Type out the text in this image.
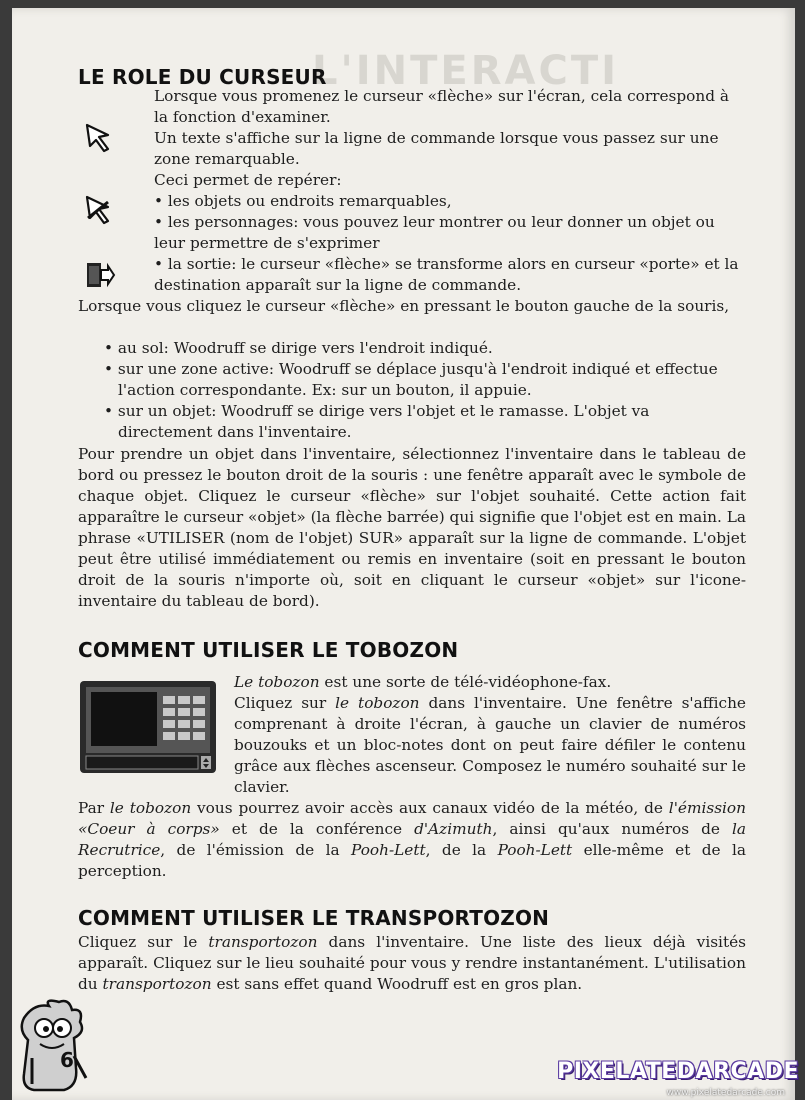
L'INTERACTI
LE ROLE DU CURSEUR

Lorsque vous promenez le curseur «flèche» sur l'écran, cela correspond à la fonction d'examiner.

Un texte s'affiche sur la ligne de commande lorsque vous passez sur une zone remarquable.

Ceci permet de repérer:

• les objets ou endroits remarquables,

• les personnages: vous pouvez leur montrer ou leur donner un objet ou leur permettre de s'exprimer

• la sortie: le curseur «flèche» se transforme alors en curseur «porte» et la destination apparaît sur la ligne de commande.

Lorsque vous cliquez le curseur «flèche» en pressant le bouton gauche de la souris,

• au sol: Woodruff se dirige vers l'endroit indiqué.

• sur une zone active: Woodruff se déplace jusqu'à l'endroit indiqué et effectue l'action correspondante. Ex: sur un bouton, il appuie.

• sur un objet: Woodruff se dirige vers l'objet et le ramasse. L'objet va directement dans l'inventaire.

Pour prendre un objet dans l'inventaire, sélectionnez l'inventaire dans le tableau de bord ou pressez le bouton droit de la souris : une fenêtre apparaît avec le symbole de chaque objet. Cliquez le curseur «flèche» sur l'objet souhaité. Cette action fait apparaître le curseur «objet» (la flèche barrée) qui signifie que l'objet est en main. La phrase «UTILISER (nom de l'objet) SUR» apparaît sur la ligne de commande. L'objet peut être utilisé immédiatement ou remis en inventaire (soit en pressant le bouton droit de la souris n'importe où, soit en cliquant le curseur «objet» sur l'icone-inventaire du tableau de bord).

COMMENT UTILISER LE TOBOZON

Le tobozon est une sorte de télé-vidéophone-fax.

Cliquez sur le tobozon dans l'inventaire. Une fenêtre s'affiche comprenant à droite l'écran, à gauche un clavier de numéros bouzouks et un bloc-notes dont on peut faire défiler le contenu grâce aux flèches ascenseur. Composez le numéro souhaité sur le clavier.

Par le tobozon vous pourrez avoir accès aux canaux vidéo de la météo, de l'émission «Coeur à corps» et de la conférence d'Azimuth, ainsi qu'aux numéros de la Recrutrice, de l'émission de la Pooh-Lett, de la Pooh-Lett elle-même et de la perception.

COMMENT UTILISER LE TRANSPORTOZON

Cliquez sur le transportozon dans l'inventaire. Une liste des lieux déjà visités apparaît. Cliquez sur le lieu souhaité pour vous y rendre instantanément. L'utilisation du transportozon est sans effet quand Woodruff est en gros plan.

6	PIXELATEDARCADE
www.pixelatedarcade.com
